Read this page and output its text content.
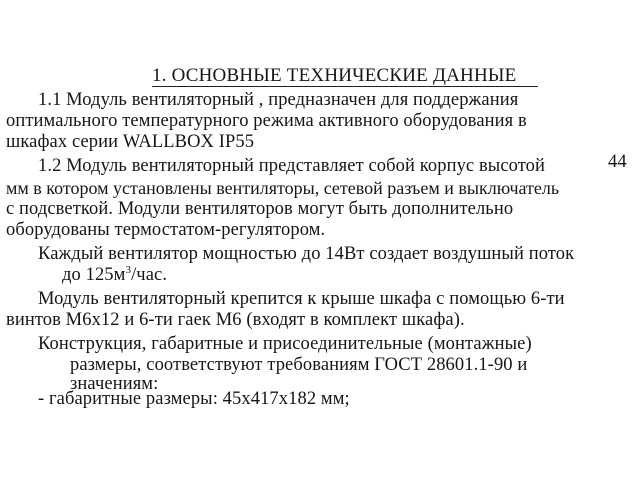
1. ОСНОВНЫЕ ТЕХНИЧЕСКИЕ ДАННЫЕ
1.1 Модуль вентиляторный , предназначен для поддержания
оптимального температурного режима активного оборудования в
шкафах серии WALLBOX IP55
1.2 Модуль вентиляторный представляет собой корпус высотой	44
мм в котором установлены вентиляторы, сетевой разъем и выключатель
с подсветкой. Модули вентиляторов могут быть дополнительно
оборудованы термостатом-регулятором.
Каждый вентилятор мощностью до 14Вт создает воздушный поток
до $125м^3$/час.
Модуль вентиляторный крепится к крыше шкафа с помощью 6-ти
винтов М6х12 и 6-ти гаек М6 (входят в комплект шкафа).
Конструкция, габаритные и присоединительные (монтажные)
размеры, соответствуют требованиям ГОСТ 28601.1-90 и
значениям:
- габаритные размеры: 45х417х182 мм;
